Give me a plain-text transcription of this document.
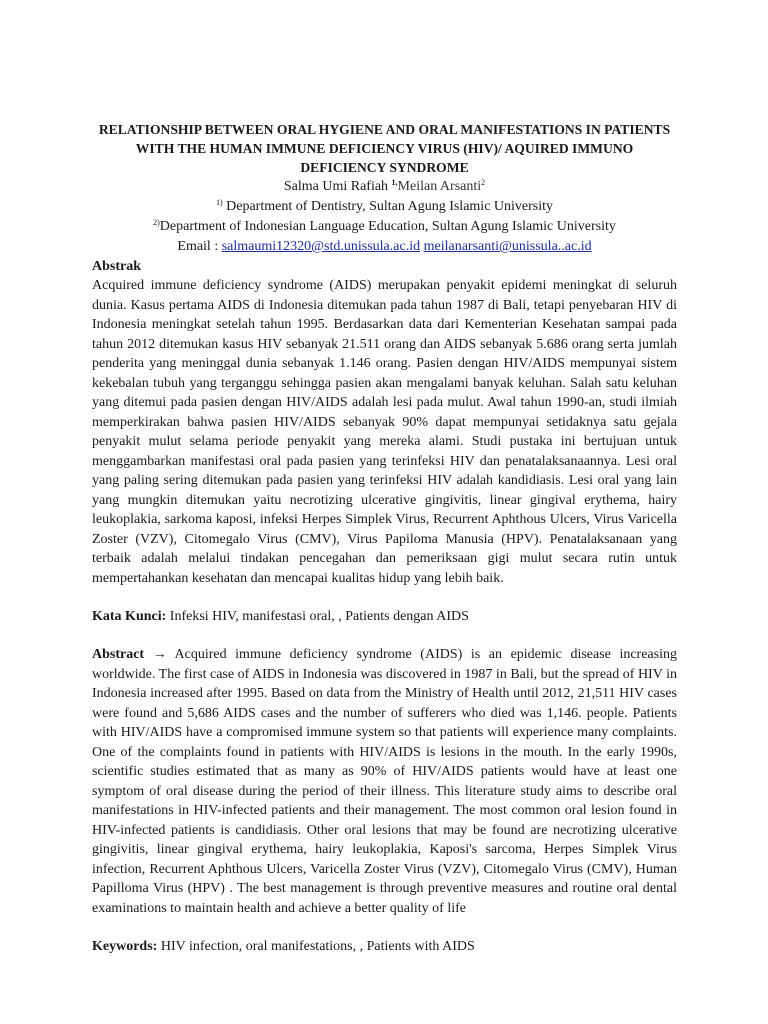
RELATIONSHIP BETWEEN ORAL HYGIENE AND ORAL MANIFESTATIONS IN PATIENTS WITH THE HUMAN IMMUNE DEFICIENCY VIRUS (HIV)/ AQUIRED IMMUNO DEFICIENCY SYNDROME
Salma Umi Rafiah $^{1,}$Meilan Arsanti$^2$
$^{1)}$ Department of Dentistry, Sultan Agung Islamic University
$^{2)}$Department of Indonesian Language Education, Sultan Agung Islamic University
Email : salmaumi12320@std.unissula.ac.id meilanarsanti@unissula..ac.id
Abstrak

Acquired immune deficiency syndrome (AIDS) merupakan penyakit epidemi meningkat di seluruh dunia. Kasus pertama AIDS di Indonesia ditemukan pada tahun 1987 di Bali, tetapi penyebaran HIV di Indonesia meningkat setelah tahun 1995. Berdasarkan data dari Kementerian Kesehatan sampai pada tahun 2012 ditemukan kasus HIV sebanyak 21.511 orang dan AIDS sebanyak 5.686 orang serta jumlah penderita yang meninggal dunia sebanyak 1.146 orang. Pasien dengan HIV/AIDS mempunyai sistem kekebalan tubuh yang terganggu sehingga pasien akan mengalami banyak keluhan. Salah satu keluhan yang ditemui pada pasien dengan HIV/AIDS adalah lesi pada mulut. Awal tahun 1990-an, studi ilmiah memperkirakan bahwa pasien HIV/AIDS sebanyak 90% dapat mempunyai setidaknya satu gejala penyakit mulut selama periode penyakit yang mereka alami. Studi pustaka ini bertujuan untuk menggambarkan manifestasi oral pada pasien yang terinfeksi HIV dan penatalaksanaannya. Lesi oral yang paling sering ditemukan pada pasien yang terinfeksi HIV adalah kandidiasis. Lesi oral yang lain yang mungkin ditemukan yaitu necrotizing ulcerative gingivitis, linear gingival erythema, hairy leukoplakia, sarkoma kaposi, infeksi Herpes Simplek Virus, Recurrent Aphthous Ulcers, Virus Varicella Zoster (VZV), Citomegalo Virus (CMV), Virus Papiloma Manusia (HPV). Penatalaksanaan yang terbaik adalah melalui tindakan pencegahan dan pemeriksaan gigi mulut secara rutin untuk mempertahankan kesehatan dan mencapai kualitas hidup yang lebih baik.

Kata Kunci: Infeksi HIV, manifestasi oral, , Patients dengan AIDS

Abstract → Acquired immune deficiency syndrome (AIDS) is an epidemic disease increasing worldwide. The first case of AIDS in Indonesia was discovered in 1987 in Bali, but the spread of HIV in Indonesia increased after 1995. Based on data from the Ministry of Health until 2012, 21,511 HIV cases were found and 5,686 AIDS cases and the number of sufferers who died was 1,146. people. Patients with HIV/AIDS have a compromised immune system so that patients will experience many complaints. One of the complaints found in patients with HIV/AIDS is lesions in the mouth. In the early 1990s, scientific studies estimated that as many as 90% of HIV/AIDS patients would have at least one symptom of oral disease during the period of their illness. This literature study aims to describe oral manifestations in HIV-infected patients and their management. The most common oral lesion found in HIV-infected patients is candidiasis. Other oral lesions that may be found are necrotizing ulcerative gingivitis, linear gingival erythema, hairy leukoplakia, Kaposi's sarcoma, Herpes Simplek Virus infection, Recurrent Aphthous Ulcers, Varicella Zoster Virus (VZV), Citomegalo Virus (CMV), Human Papilloma Virus (HPV) . The best management is through preventive measures and routine oral dental examinations to maintain health and achieve a better quality of life

Keywords: HIV infection, oral manifestations, , Patients with AIDS
